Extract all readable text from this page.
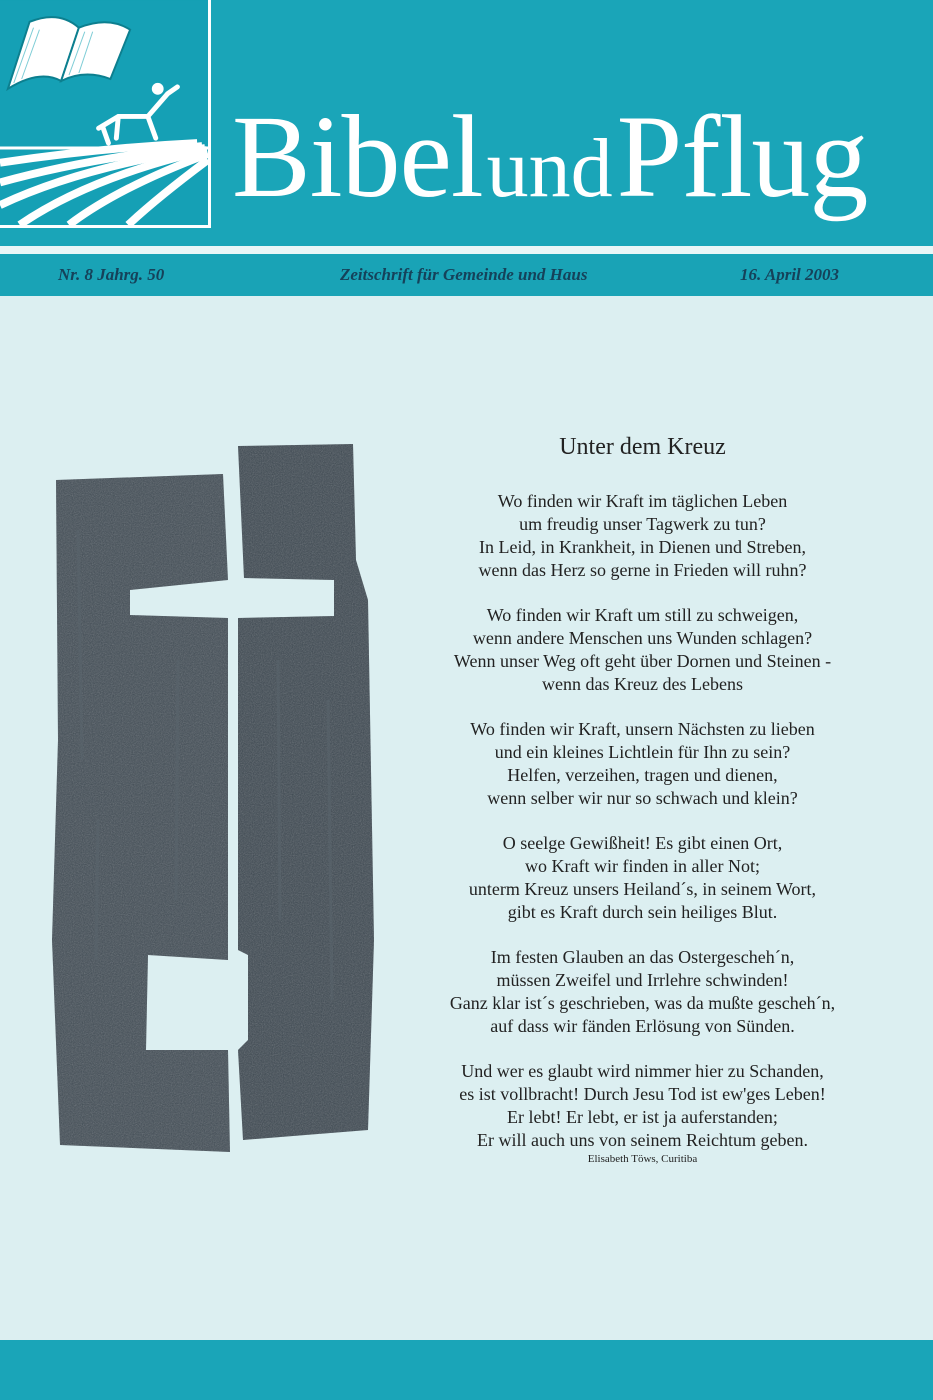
Bibel und Pflug
Nr. 8 Jahrg. 50	Zeitschrift für Gemeinde und Haus	16. April 2003
Unter dem Kreuz
Wo finden wir Kraft im täglichen Leben
um freudig unser Tagwerk zu tun?
In Leid, in Krankheit, in Dienen und Streben,
wenn das Herz so gerne in Frieden will ruhn?
Wo finden wir Kraft um still zu schweigen,
wenn andere Menschen uns Wunden schlagen?
Wenn unser Weg oft geht über Dornen und Steinen -
wenn das Kreuz des Lebens
Wo finden wir Kraft, unsern Nächsten zu lieben
und ein kleines Lichtlein für Ihn zu sein?
Helfen, verzeihen, tragen und dienen,
wenn selber wir nur so schwach und klein?
O seelge Gewißheit! Es gibt einen Ort,
wo Kraft wir finden in aller Not;
unterm Kreuz unsers Heiland´s, in seinem Wort,
gibt es Kraft durch sein heiliges Blut.
Im festen Glauben an das Ostergescheh´n,
müssen Zweifel und Irrlehre schwinden!
Ganz klar ist´s geschrieben, was da mußte gescheh´n,
auf dass wir fänden Erlösung von Sünden.
Und wer es glaubt wird nimmer hier zu Schanden,
es ist vollbracht! Durch Jesu Tod ist ew'ges Leben!
Er lebt! Er lebt, er ist ja auferstanden;
Er will auch uns von seinem Reichtum geben.
Elisabeth Töws, Curitiba
